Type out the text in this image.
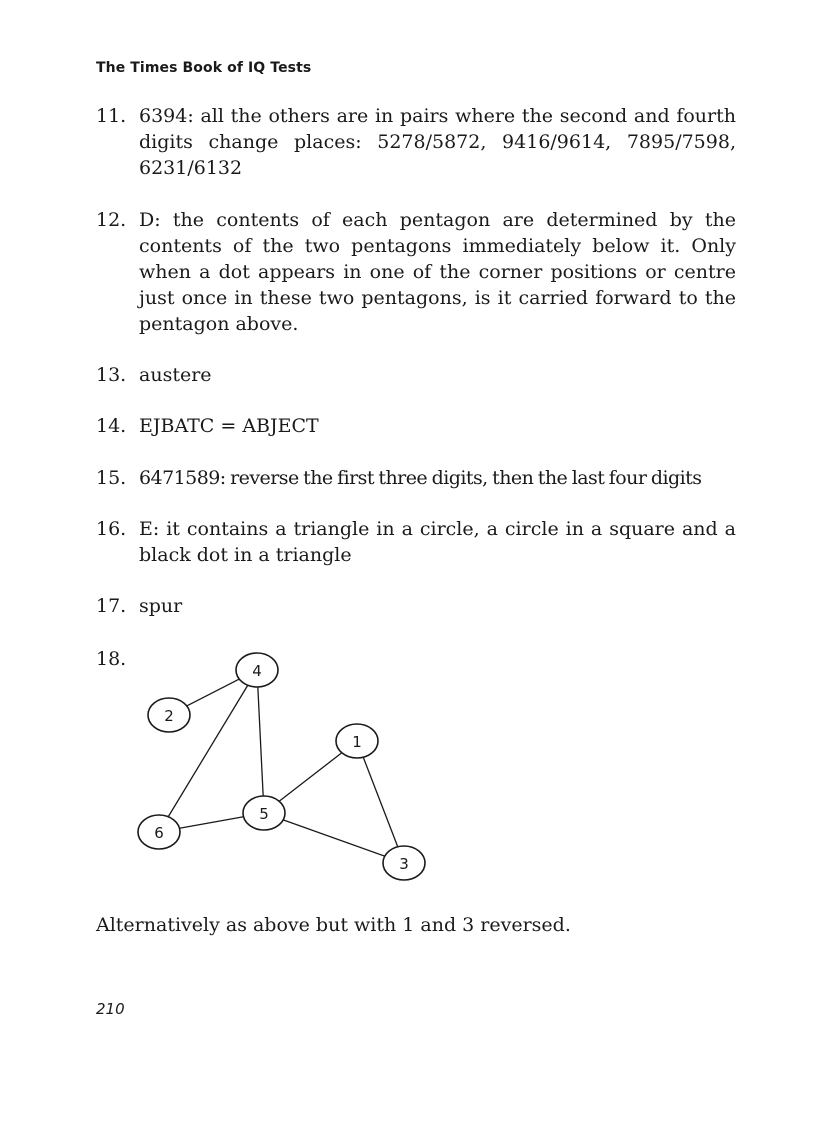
The Times Book of IQ Tests
11. 6394: all the others are in pairs where the second and fourth digits change places: 5278/5872, 9416/9614, 7895/7598, 6231/6132
12. D: the contents of each pentagon are determined by the contents of the two pentagons immediately below it. Only when a dot appears in one of the corner positions or centre just once in these two pentagons, is it carried forward to the pentagon above.
13. austere
14. EJBATC = ABJECT
15. 6471589: reverse the first three digits, then the last four digits
16. E: it contains a triangle in a circle, a circle in a square and a black dot in a triangle
17. spur
18.
4
2
1
5
6
3
Alternatively as above but with 1 and 3 reversed.
210
